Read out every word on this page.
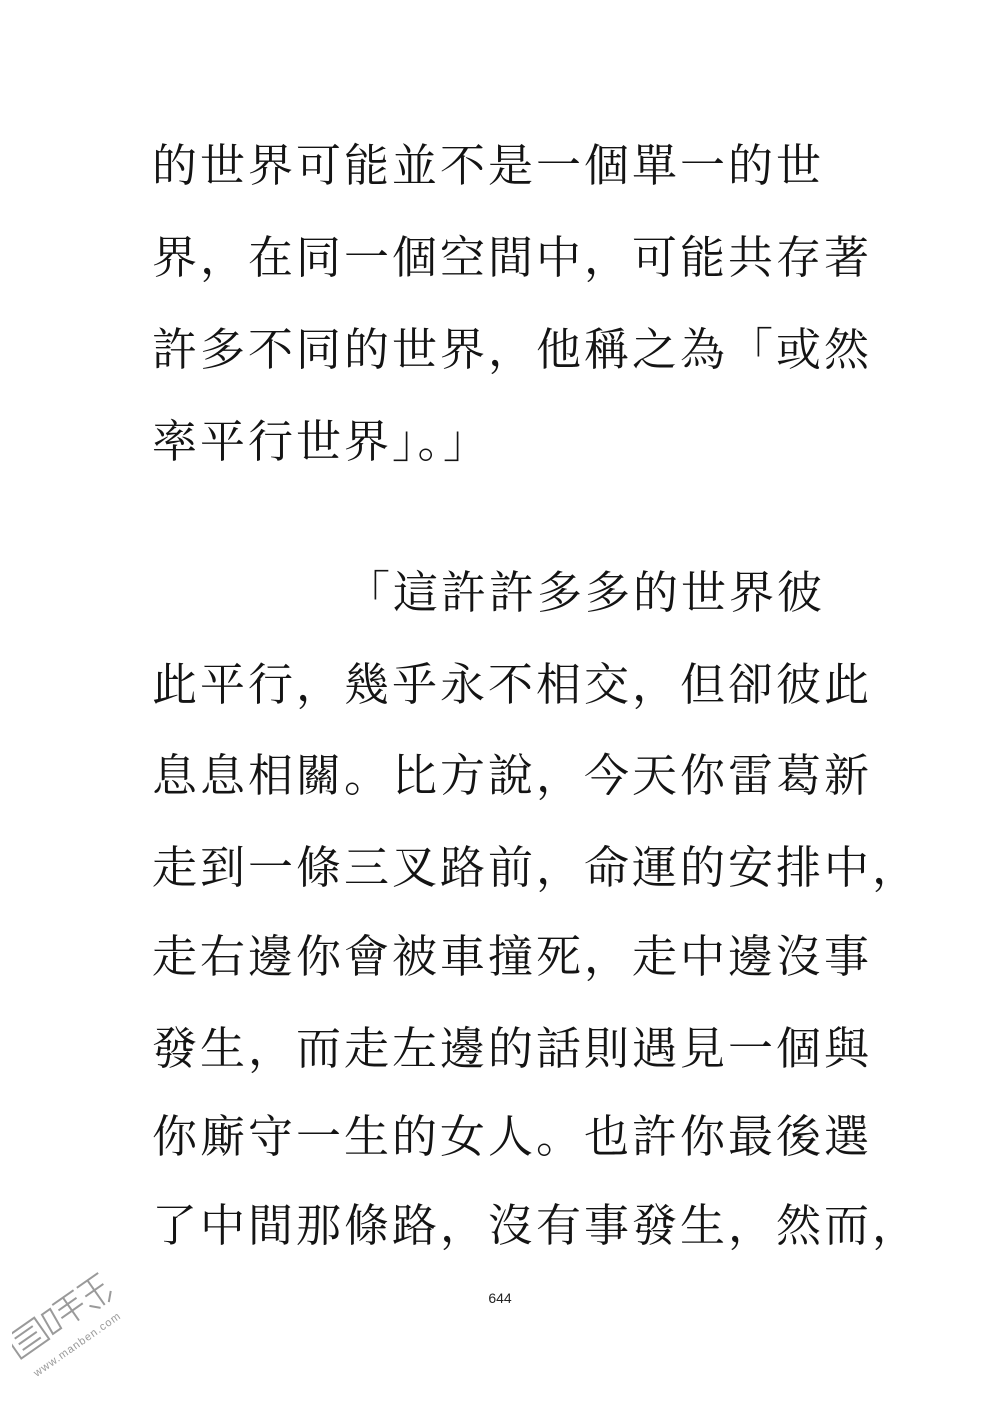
的世界可能並不是一個單一的世
界，在同一個空間中，可能共存著
許多不同的世界，他稱之為「或然
率平行世界」。」
「這許許多多的世界彼
此平行，幾乎永不相交，但卻彼此
息息相關。比方說，今天你雷葛新
走到一條三叉路前，命運的安排中，
走右邊你會被車撞死，走中邊沒事
發生，而走左邊的話則遇見一個與
你廝守一生的女人。也許你最後選
了中間那條路，沒有事發生，然而，
644
www.manben.com
